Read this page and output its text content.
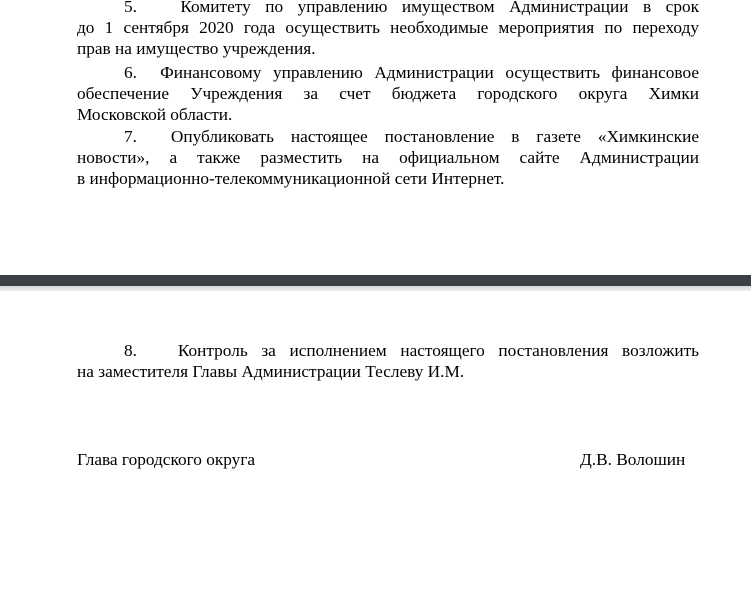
5.   Комитету по управлению имуществом Администрации в срок
до 1 сентября 2020 года осуществить необходимые мероприятия по переходу
прав на имущество учреждения.
6.  Финансовому управлению Администрации осуществить финансовое
обеспечение Учреждения за счет бюджета городского округа Химки
Московской области.
7.  Опубликовать настоящее постановление в газете «Химкинские
новости», а также разместить на официальном сайте Администрации
в информационно-телекоммуникационной сети Интернет.
8.   Контроль за исполнением настоящего постановления возложить
на заместителя Главы Администрации Теслеву И.М.
Глава городского округа	Д.В. Волошин
